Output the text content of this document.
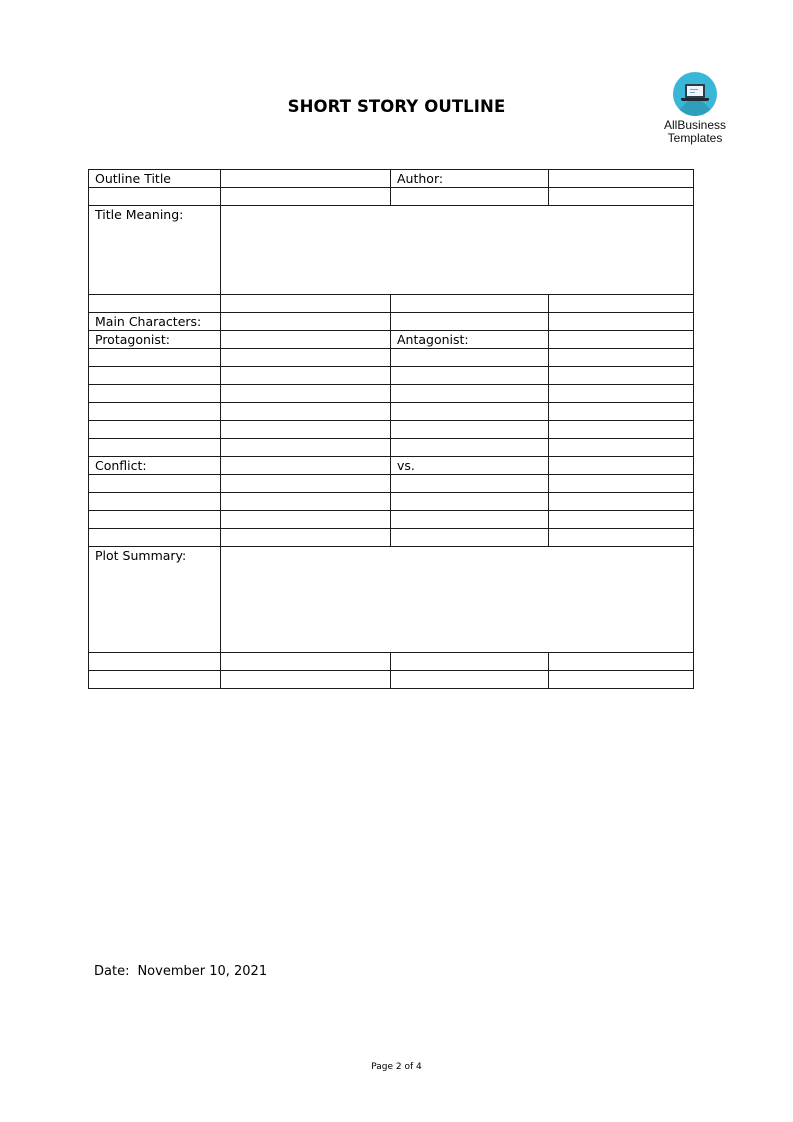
SHORT STORY OUTLINE
AllBusiness
Templates
Outline Title		Author:	

Title Meaning:			

Main Characters:			
Protagonist:		Antagonist:	

Conflict:		vs.	

Plot Summary:			

Date: November 10, 2021
Page 2 of 4
